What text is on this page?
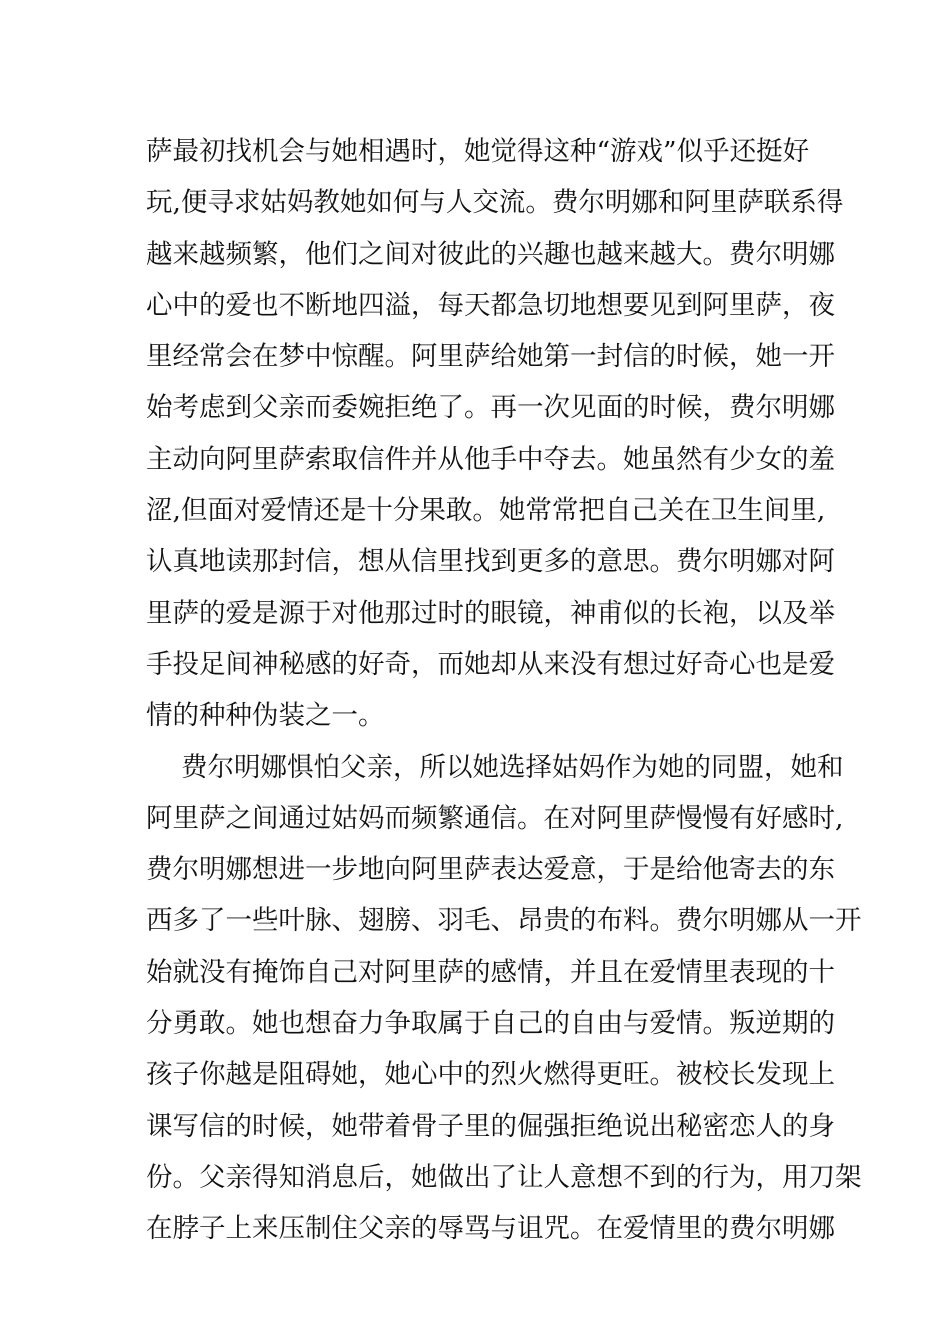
萨最初找机会与她相遇时，她觉得这种“游戏”似乎还挺好
玩,便寻求姑妈教她如何与人交流。费尔明娜和阿里萨联系得
越来越频繁，他们之间对彼此的兴趣也越来越大。费尔明娜
心中的爱也不断地四溢，每天都急切地想要见到阿里萨，夜
里经常会在梦中惊醒。阿里萨给她第一封信的时候，她一开
始考虑到父亲而委婉拒绝了。再一次见面的时候，费尔明娜
主动向阿里萨索取信件并从他手中夺去。她虽然有少女的羞
涩,但面对爱情还是十分果敢。她常常把自己关在卫生间里,
认真地读那封信，想从信里找到更多的意思。费尔明娜对阿
里萨的爱是源于对他那过时的眼镜，神甫似的长袍，以及举
手投足间神秘感的好奇，而她却从来没有想过好奇心也是爱
情的种种伪装之一。
费尔明娜惧怕父亲，所以她选择姑妈作为她的同盟，她和
阿里萨之间通过姑妈而频繁通信。在对阿里萨慢慢有好感时,
费尔明娜想进一步地向阿里萨表达爱意，于是给他寄去的东
西多了一些叶脉、翅膀、羽毛、昂贵的布料。费尔明娜从一开
始就没有掩饰自己对阿里萨的感情，并且在爱情里表现的十
分勇敢。她也想奋力争取属于自己的自由与爱情。叛逆期的
孩子你越是阻碍她，她心中的烈火燃得更旺。被校长发现上
课写信的时候，她带着骨子里的倔强拒绝说出秘密恋人的身
份。父亲得知消息后，她做出了让人意想不到的行为，用刀架
在脖子上来压制住父亲的辱骂与诅咒。在爱情里的费尔明娜
